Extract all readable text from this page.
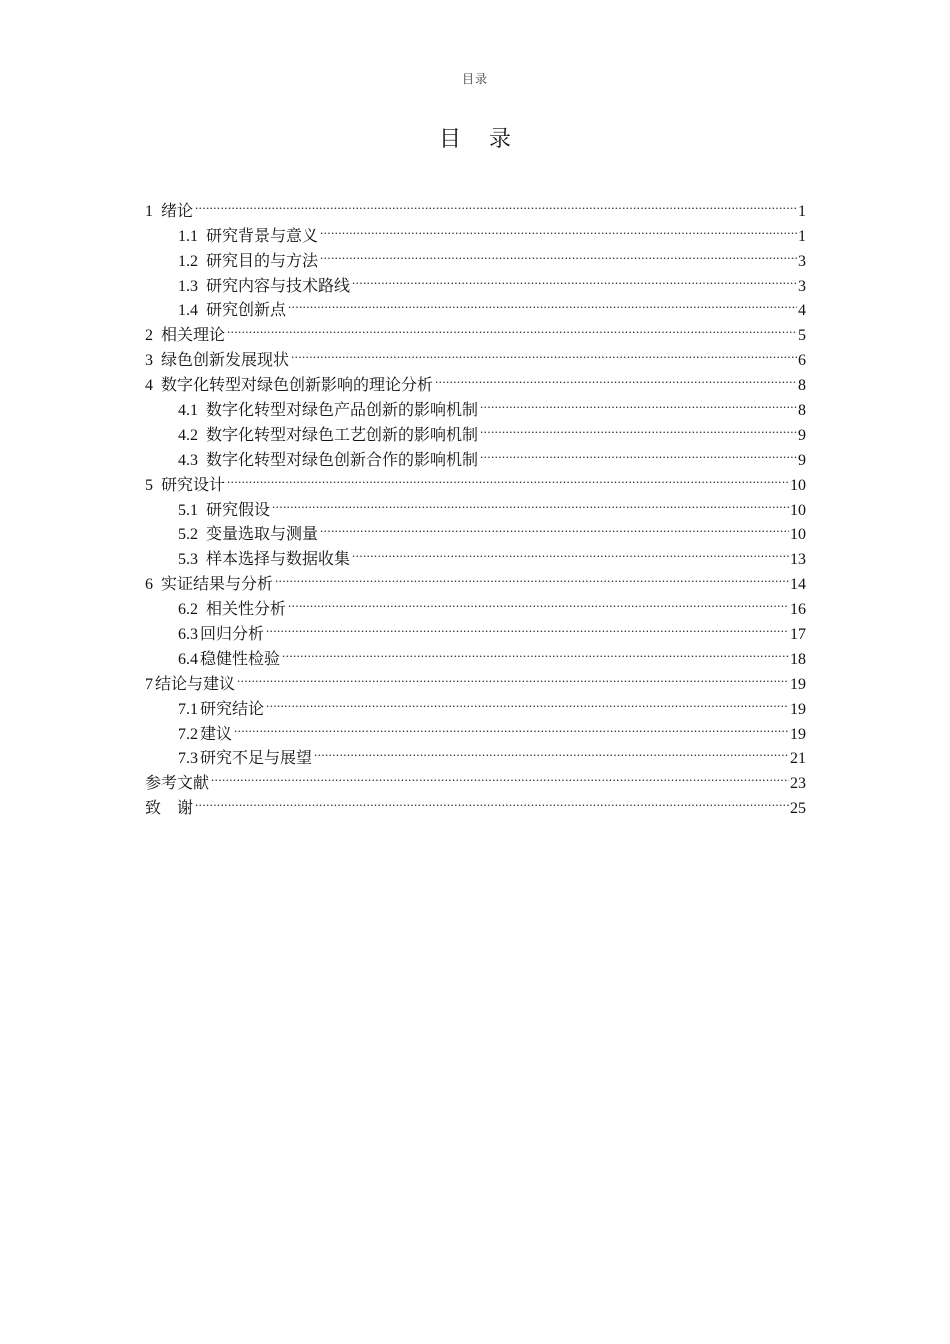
目录
目 录
1 绪论 .....	1
1.1 研究背景与意义 .....	1
1.2 研究目的与方法 .....	3
1.3 研究内容与技术路线 .....	3
1.4 研究创新点 .....	4
2 相关理论 .....	5
3 绿色创新发展现状 .....	6
4 数字化转型对绿色创新影响的理论分析 .....	8
4.1 数字化转型对绿色产品创新的影响机制 .....	8
4.2 数字化转型对绿色工艺创新的影响机制 .....	9
4.3 数字化转型对绿色创新合作的影响机制 .....	9
5 研究设计 .....	10
5.1 研究假设 .....	10
5.2 变量选取与测量 .....	10
5.3 样本选择与数据收集 .....	13
6 实证结果与分析 .....	14
6.2 相关性分析 .....	16
6.3 回归分析 .....	17
6.4 稳健性检验 .....	18
7 结论与建议 .....	19
7.1 研究结论 .....	19
7.2 建议 .....	19
7.3 研究不足与展望 .....	21
参考文献 .....	23
致　谢 .....	25
